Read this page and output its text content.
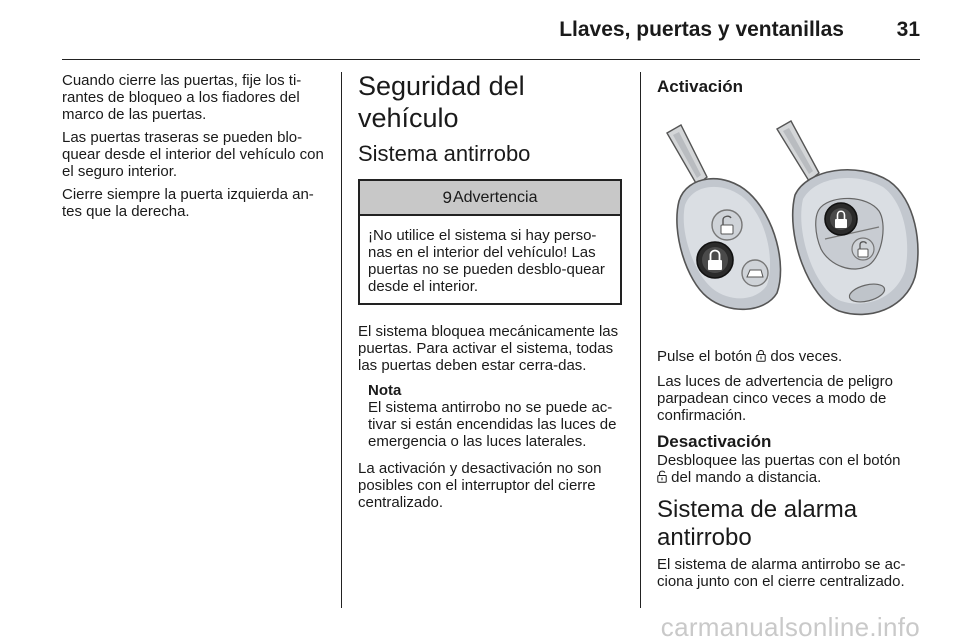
Llaves, puertas y ventanillas	31

Cuando cierre las puertas, fije los ti-rantes de bloqueo a los fiadores del marco de las puertas.

Las puertas traseras se pueden blo-quear desde el interior del vehículo con el seguro interior.

Cierre siempre la puerta izquierda an-tes que la derecha.

Seguridad del vehículo
Sistema antirrobo
9 Advertencia
¡No utilice el sistema si hay perso-nas en el interior del vehículo! Las puertas no se pueden desblo-quear desde el interior.

El sistema bloquea mecánicamente las puertas. Para activar el sistema, todas las puertas deben estar cerra-das.

Nota
El sistema antirrobo no se puede ac-tivar si están encendidas las luces de emergencia o las luces laterales.

La activación y desactivación no son posibles con el interruptor del cierre centralizado.

Activación

Pulse el botón dos veces.

Las luces de advertencia de peligro parpadean cinco veces a modo de confirmación.

Desactivación

Desbloquee las puertas con el botón
del mando a distancia.

Sistema de alarma antirrobo

El sistema de alarma antirrobo se ac-ciona junto con el cierre centralizado.

carmanualsonline.info
